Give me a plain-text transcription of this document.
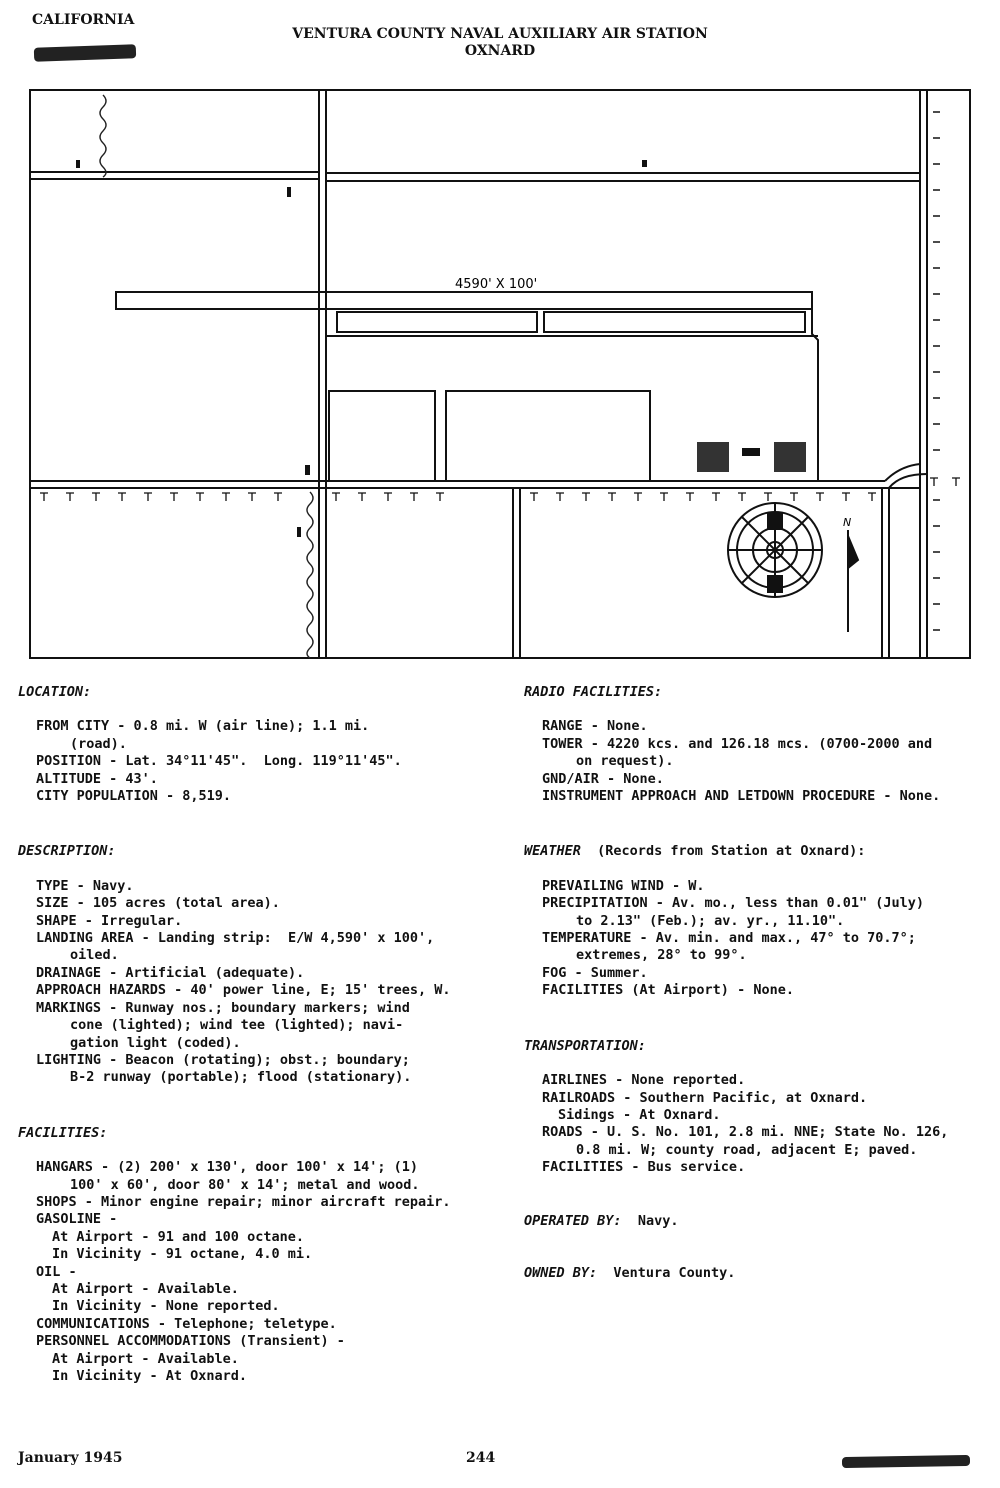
CALIFORNIA
VENTURA COUNTY NAVAL AUXILIARY AIR STATION
OXNARD
4590' X 100'
N

LOCATION:

FROM CITY - 0.8 mi. W (air line); 1.1 mi.
(road).
POSITION - Lat. 34°11'45".  Long. 119°11'45".
ALTITUDE - 43'.
CITY POPULATION - 8,519.

DESCRIPTION:

TYPE - Navy.
SIZE - 105 acres (total area).
SHAPE - Irregular.
LANDING AREA - Landing strip:  E/W 4,590' x 100',
oiled.
DRAINAGE - Artificial (adequate).
APPROACH HAZARDS - 40' power line, E; 15' trees, W.
MARKINGS - Runway nos.; boundary markers; wind
cone (lighted); wind tee (lighted); navi-
gation light (coded).
LIGHTING - Beacon (rotating); obst.; boundary;
B-2 runway (portable); flood (stationary).

FACILITIES:

HANGARS - (2) 200' x 130', door 100' x 14'; (1)
100' x 60', door 80' x 14'; metal and wood.
SHOPS - Minor engine repair; minor aircraft repair.
GASOLINE -
At Airport - 91 and 100 octane.
In Vicinity - 91 octane, 4.0 mi.
OIL -
At Airport - Available.
In Vicinity - None reported.
COMMUNICATIONS - Telephone; teletype.
PERSONNEL ACCOMMODATIONS (Transient) -
At Airport - Available.
In Vicinity - At Oxnard.

RADIO FACILITIES:

RANGE - None.
TOWER - 4220 kcs. and 126.18 mcs. (0700-2000 and
on request).
GND/AIR - None.
INSTRUMENT APPROACH AND LETDOWN PROCEDURE - None.

WEATHER (Records from Station at Oxnard):

PREVAILING WIND - W.
PRECIPITATION - Av. mo., less than 0.01" (July)
to 2.13" (Feb.); av. yr., 11.10".
TEMPERATURE - Av. min. and max., 47° to 70.7°;
extremes, 28° to 99°.
FOG - Summer.
FACILITIES (At Airport) - None.

TRANSPORTATION:

AIRLINES - None reported.
RAILROADS - Southern Pacific, at Oxnard.
Sidings - At Oxnard.
ROADS - U. S. No. 101, 2.8 mi. NNE; State No. 126,
0.8 mi. W; county road, adjacent E; paved.
FACILITIES - Bus service.

OPERATED BY: Navy.

OWNED BY: Ventura County.

January 1945	244
